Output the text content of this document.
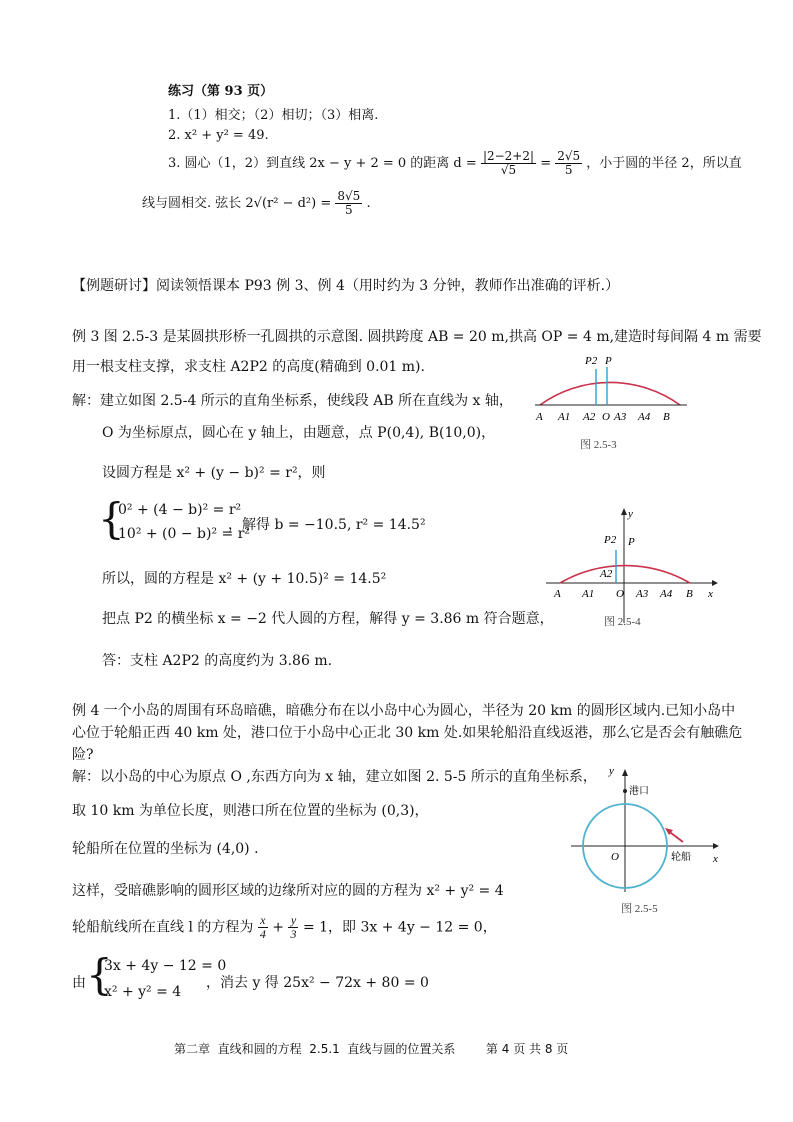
练习（第 93 页）
1.（1）相交；（2）相切；（3）相离.
2. x² + y² = 49.
3. 圆心（1，2）到直线 2x − y + 2 = 0 的距离 $d = \frac{|2-2+2|}{√5} = \frac{2√5}{5}$ ，小于圆的半径 2，所以直
线与圆相交. 弦长 $2√(r^2 - d^2) = \frac{8√5}{5}$ .
【例题研讨】阅读领悟课本 P93 例 3、例 4（用时约为 3 分钟，教师作出准确的评析.）
例 3 图 2.5-3 是某圆拱形桥一孔圆拱的示意图. 圆拱跨度 AB = 20 m,拱高 OP = 4 m,建造时每间隔 4 m 需要
用一根支柱支撑，求支柱 A2P2 的高度(精确到 0.01 m).
解：建立如图 2.5-4 所示的直角坐标系，使线段 AB 所在直线为 x 轴，
O 为坐标原点，圆心在 y 轴上，由题意，点 P(0,4), B(10,0)，
设圆方程是 x² + (y − b)² = r²，则
{
0² + (4 − b)² = r²
10² + (0 − b)² = r²
，解得 b = −10.5, r² = 14.5²
所以，圆的方程是 x² + (y + 10.5)² = 14.5²
把点 P2 的横坐标 x = −2 代人圆的方程，解得 y = 3.86 m 符合题意，
答：支柱 A2P2 的高度约为 3.86 m.
P2 P
A A1 A2 O A3 A4 B
图 2.5-3
y
x
P2 P
A2
A A1 O A3 A4 B
图 2.5-4
例 4 一个小岛的周围有环岛暗礁，暗礁分布在以小岛中心为圆心，半径为 20 km 的圆形区域内.已知小岛中
心位于轮船正西 40 km 处，港口位于小岛中心正北 30 km 处.如果轮船沿直线返港，那么它是否会有触礁危
险?
解：以小岛的中心为原点 O ,东西方向为 x 轴，建立如图 2. 5-5 所示的直角坐标系，
取 10 km 为单位长度，则港口所在位置的坐标为 (0,3)，
轮船所在位置的坐标为 (4,0) .
这样，受暗礁影响的圆形区域的边缘所对应的圆的方程为 x² + y² = 4
轮船航线所在直线 l 的方程为 $\frac{x}{4} + \frac{y}{3} = 1$，即 3x + 4y − 12 = 0，
由 {
3x + 4y − 12 = 0
x² + y² = 4
，消去 y 得 25x² − 72x + 80 = 0
y
x
港口
轮船
O
图 2.5-5
第二章  直线和圆的方程  2.5.1  直线与圆的位置关系        第 4 页 共 8 页
